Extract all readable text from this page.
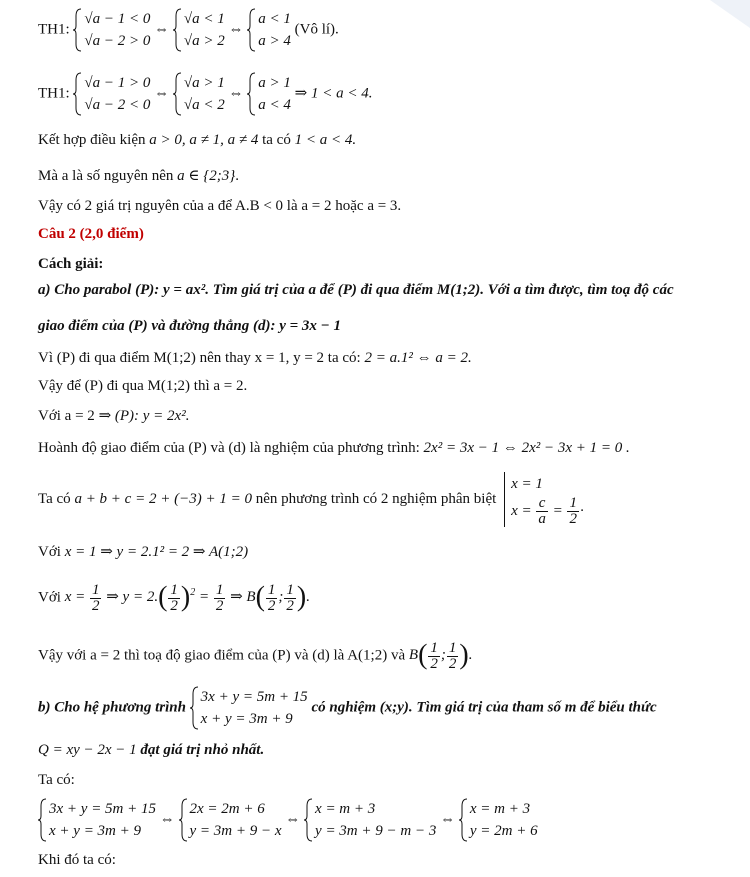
TH1:
√a − 1 < 0
√a − 2 > 0
⇔
√a < 1
√a > 2
⇔
a < 1
a > 4
(Vô lí).
TH1:
√a − 1 > 0
√a − 2 < 0
⇔
√a > 1
√a < 2
⇔
a > 1
a < 4
⇒ 1 < a < 4.
Kết hợp điều kiện a > 0, a ≠ 1, a ≠ 4 ta có 1 < a < 4.
Mà a là số nguyên nên a ∈ {2;3}.
Vậy có 2 giá trị nguyên của a để A.B < 0 là a = 2 hoặc a = 3.
Câu 2 (2,0 điểm)
Cách giải:
a) Cho parabol (P): y = ax². Tìm giá trị của a để (P) đi qua điểm M(1;2). Với a tìm được, tìm toạ độ các
giao điểm của (P) và đường thẳng (d): y = 3x − 1
Vì (P) đi qua điểm M(1;2) nên thay x = 1, y = 2 ta có: 2 = a.1² ⇔ a = 2.
Vậy để (P) đi qua M(1;2) thì a = 2.
Với a = 2 ⇒ (P): y = 2x².
Hoành độ giao điểm của (P) và (d) là nghiệm của phương trình: 2x² = 3x − 1 ⇔ 2x² − 3x + 1 = 0 .
Ta có a + b + c = 2 + (−3) + 1 = 0 nên phương trình có 2 nghiệm phân biệt
x = 1
$x = \frac{c}{a} = \frac{1}{2}$ ·
Với x = 1 ⇒ y = 2.1² = 2 ⇒ A(1;2)
Với $x = \frac{1}{2}$ ⇒ $y = 2.( \frac{1}{2} )^2 = \frac{1}{2}$ ⇒ $B( \frac{1}{2}$ ; $\frac{1}{2}$ ).
Vậy với a = 2 thì toạ độ giao điểm của (P) và (d) là A(1;2) và $B( \frac{1}{2}$ ; $\frac{1}{2}$ ).
b) Cho hệ phương trình
3x + y = 5m + 15
x + y = 3m + 9
có nghiệm (x;y). Tìm giá trị của tham số m để biểu thức
Q = xy − 2x − 1 đạt giá trị nhỏ nhất.
Ta có:
3x + y = 5m + 15
x + y = 3m + 9
⇔
2x = 2m + 6
y = 3m + 9 − x
⇔
x = m + 3
y = 3m + 9 − m − 3
⇔
x = m + 3
y = 2m + 6
Khi đó ta có:
